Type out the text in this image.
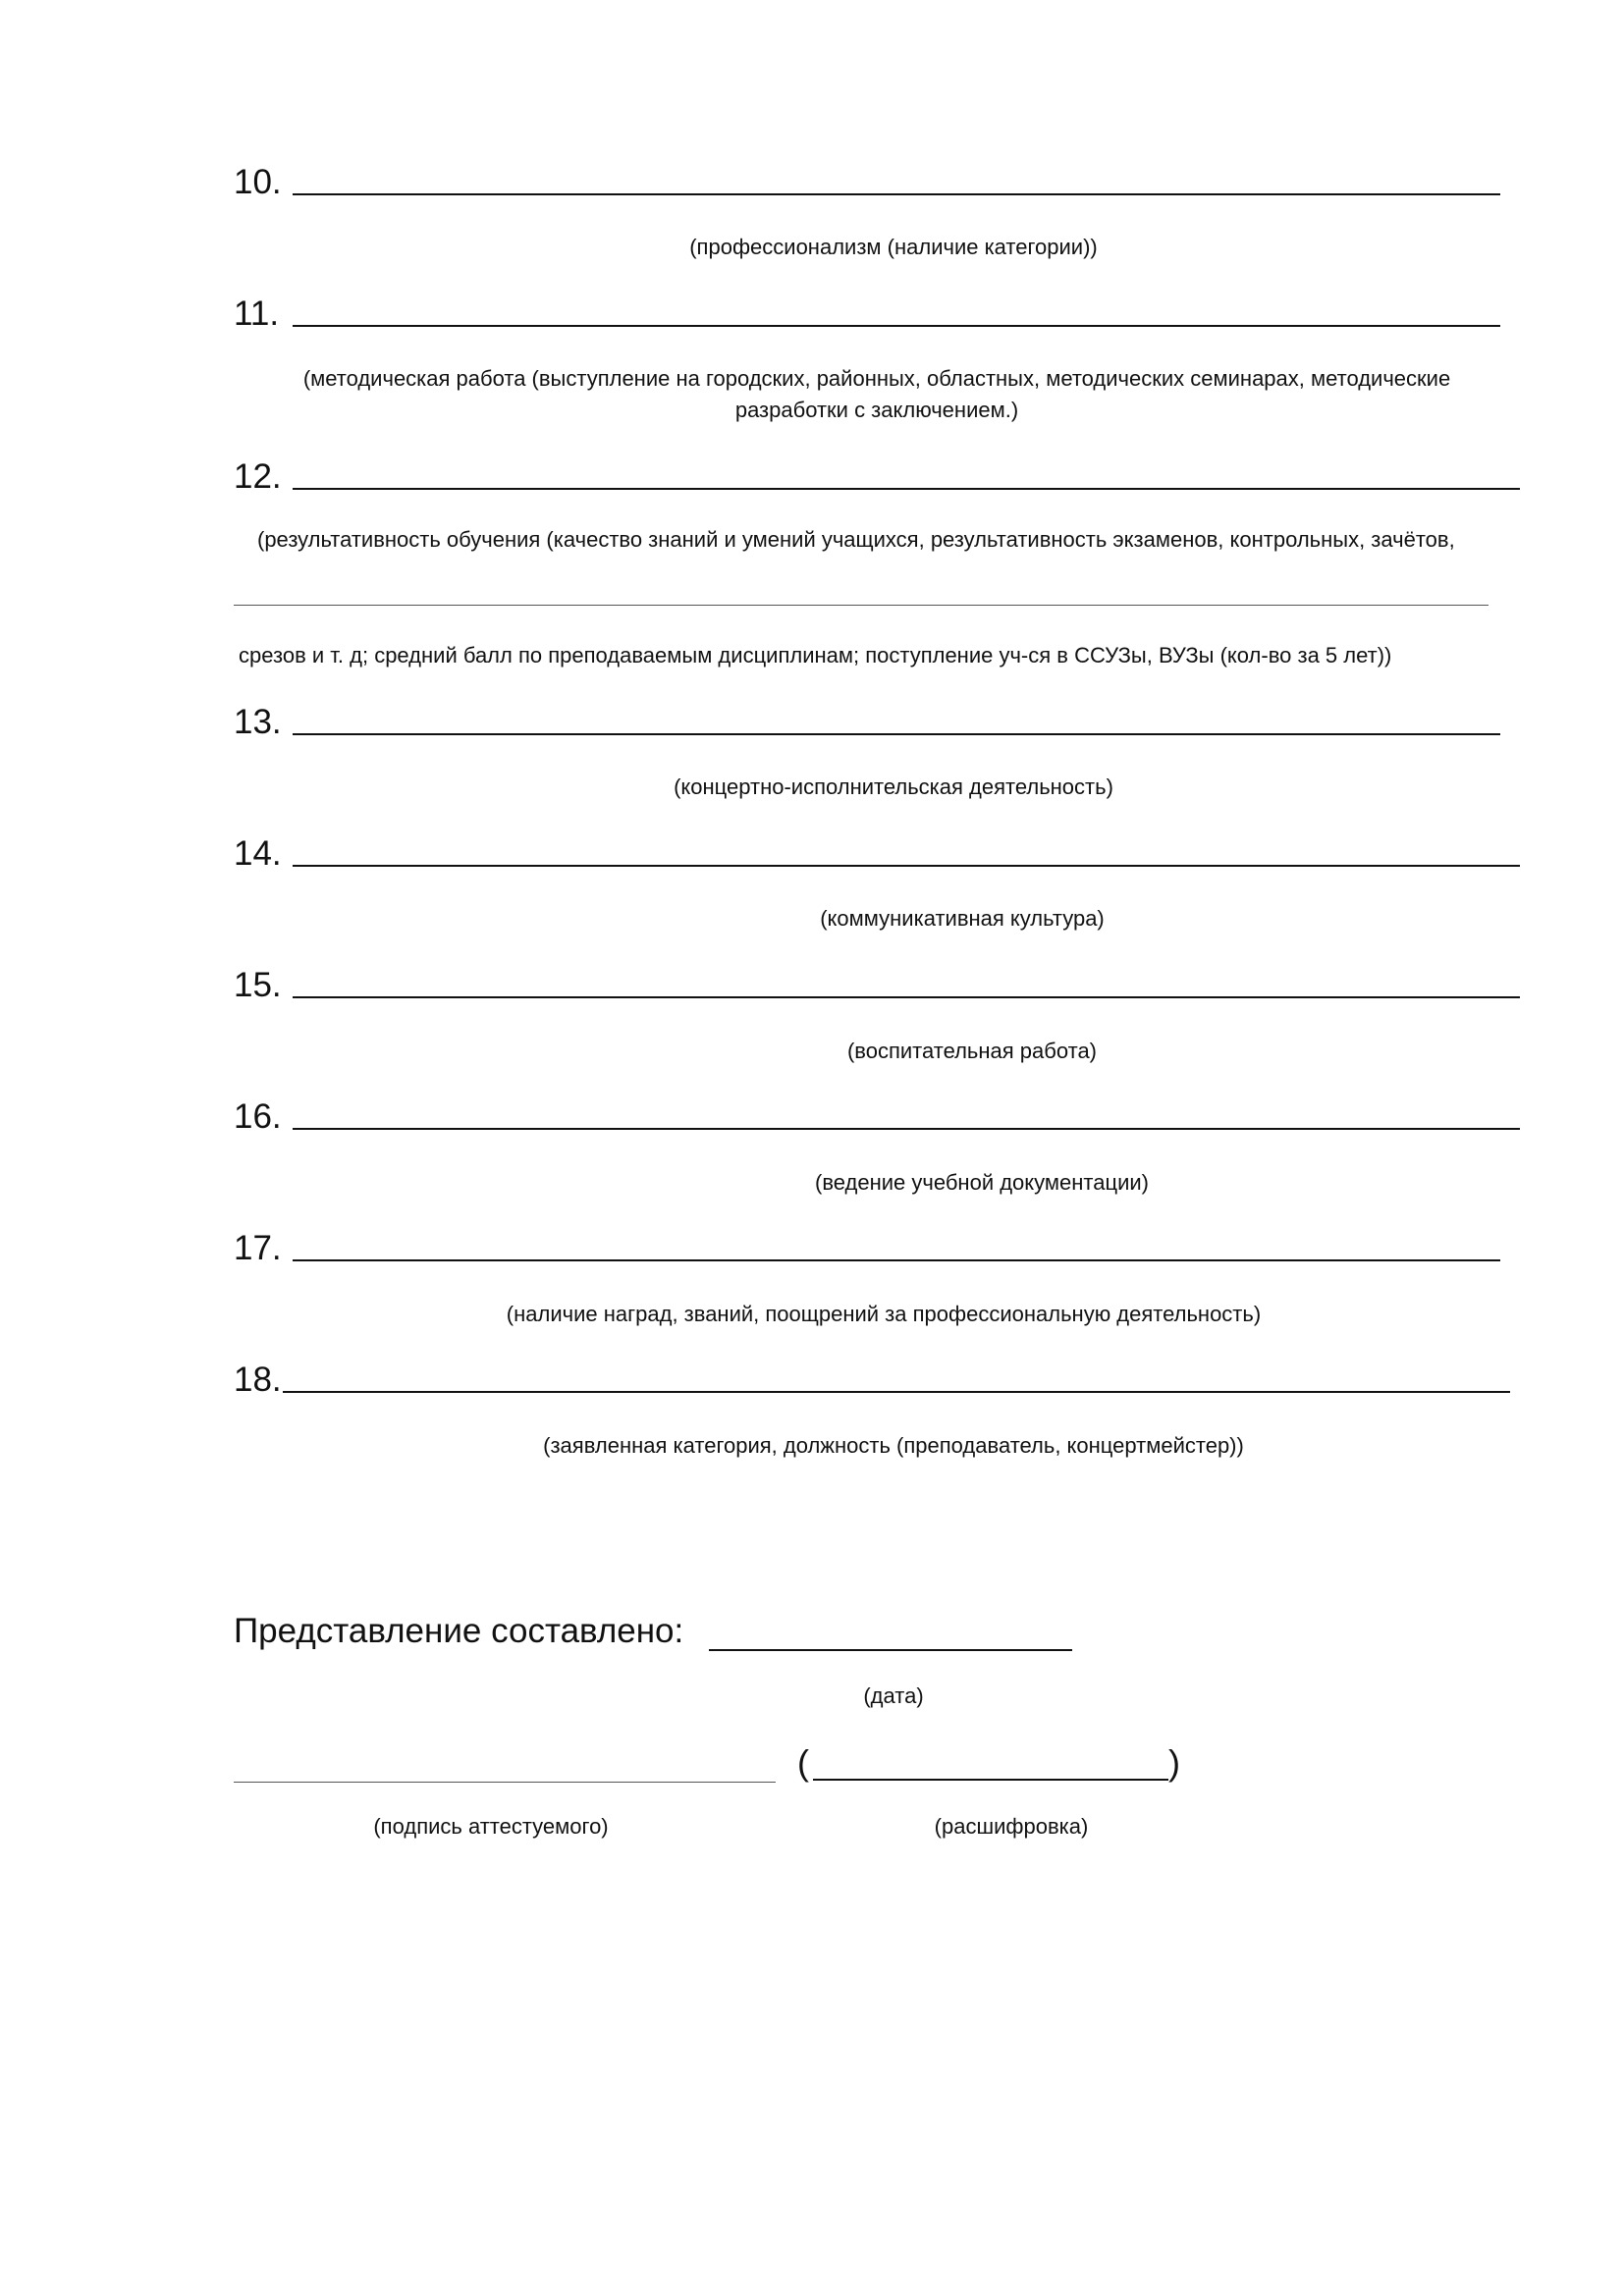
10.
(профессионализм (наличие категории))
11.
(методическая работа (выступление на городских, районных, областных, методических семинарах, методические разработки с заключением.)
12.
(результативность обучения (качество знаний и умений учащихся, результативность экзаменов, контрольных, зачётов,
срезов и т. д; средний балл по преподаваемым дисциплинам; поступление уч-ся в ССУЗы, ВУЗы (кол-во за 5 лет))
13.
(концертно-исполнительская деятельность)
14.
(коммуникативная культура)
15.
(воспитательная работа)
16.
(ведение учебной документации)
17.
(наличие наград, званий, поощрений за профессиональную деятельность)
18.
(заявленная категория, должность (преподаватель, концертмейстер))
Представление составлено:
(дата)
(	)
(подпись аттестуемого)	(расшифровка)
